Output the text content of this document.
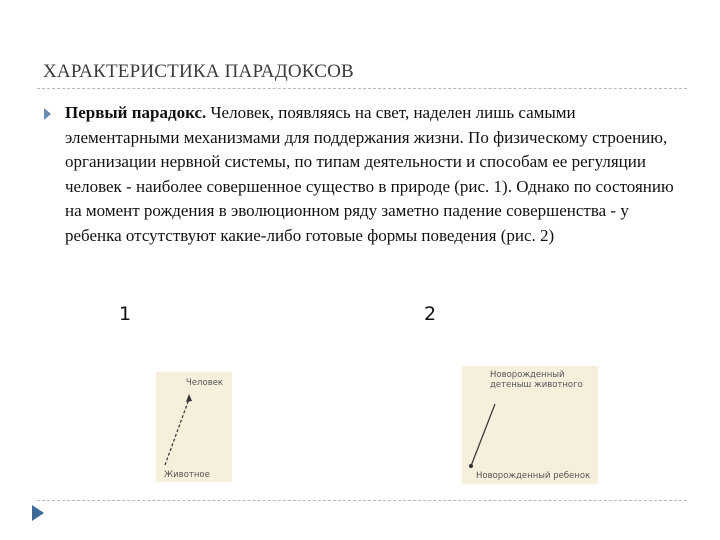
ХАРАКТЕРИСТИКА ПАРАДОКСОВ
Первый парадокс. Человек, появляясь на свет, наделен лишь самыми элементарными механизмами для поддержания жизни. По физическому строению, организации нервной системы, по типам деятельности и способам ее регуляции человек - наиболее совершенное существо в природе (рис. 1). Однако по состоянию на момент рождения в эволюционном ряду заметно падение совершенства - у ребенка отсутствуют какие-либо готовые формы поведения (рис. 2)
1	2
Человек
Животное
Новорожденный
детеныш животного
Новорожденный ребенок
